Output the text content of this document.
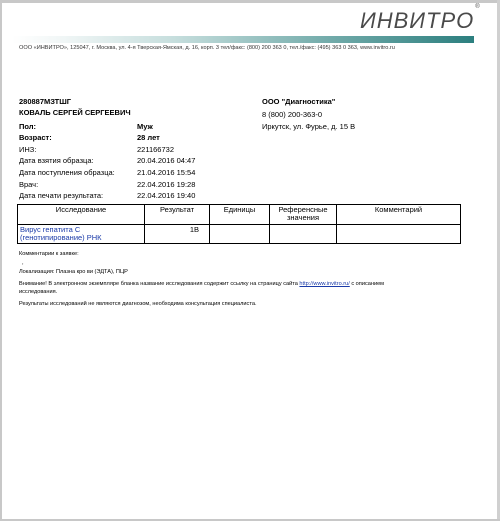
ИНВИТРО®
ООО «ИНВИТРО», 125047, г. Москва, ул. 4-я Тверская-Ямская, д. 16, корп. 3 тел/факс: (800) 200 363 0, тел./факс: (495) 363 0 363, www.invitro.ru
280887MЗТШГ
КОВАЛЬ СЕРГЕЙ СЕРГЕЕВИЧ
Пол:	Муж
Возраст:	28 лет
ИНЗ:	221166732
Дата взятия образца:	20.04.2016 04:47
Дата поступления образца:	21.04.2016 15:54
Врач:	22.04.2016 19:28
Дата печати результата:	22.04.2016 19:40
ООО "Диагностика"
8 (800) 200-363-0
Иркутск, ул. Фурье, д. 15 В
Исследование	Результат	Единицы	Референсные значения	Комментарий
Вирус гепатита С (генотипирование) РНК	1В			
Комментарии к заявке:
,
Локализация: Плазна кро ви (ЭДТА), ПЦР
Внимание! В электронном экземпляре бланка название исследования содержит ссылку на страницу сайта http://www.invitro.ru/ с описанием
исследования.
Результаты исследований не являются диагнозом, необходима консультация специалиста.
